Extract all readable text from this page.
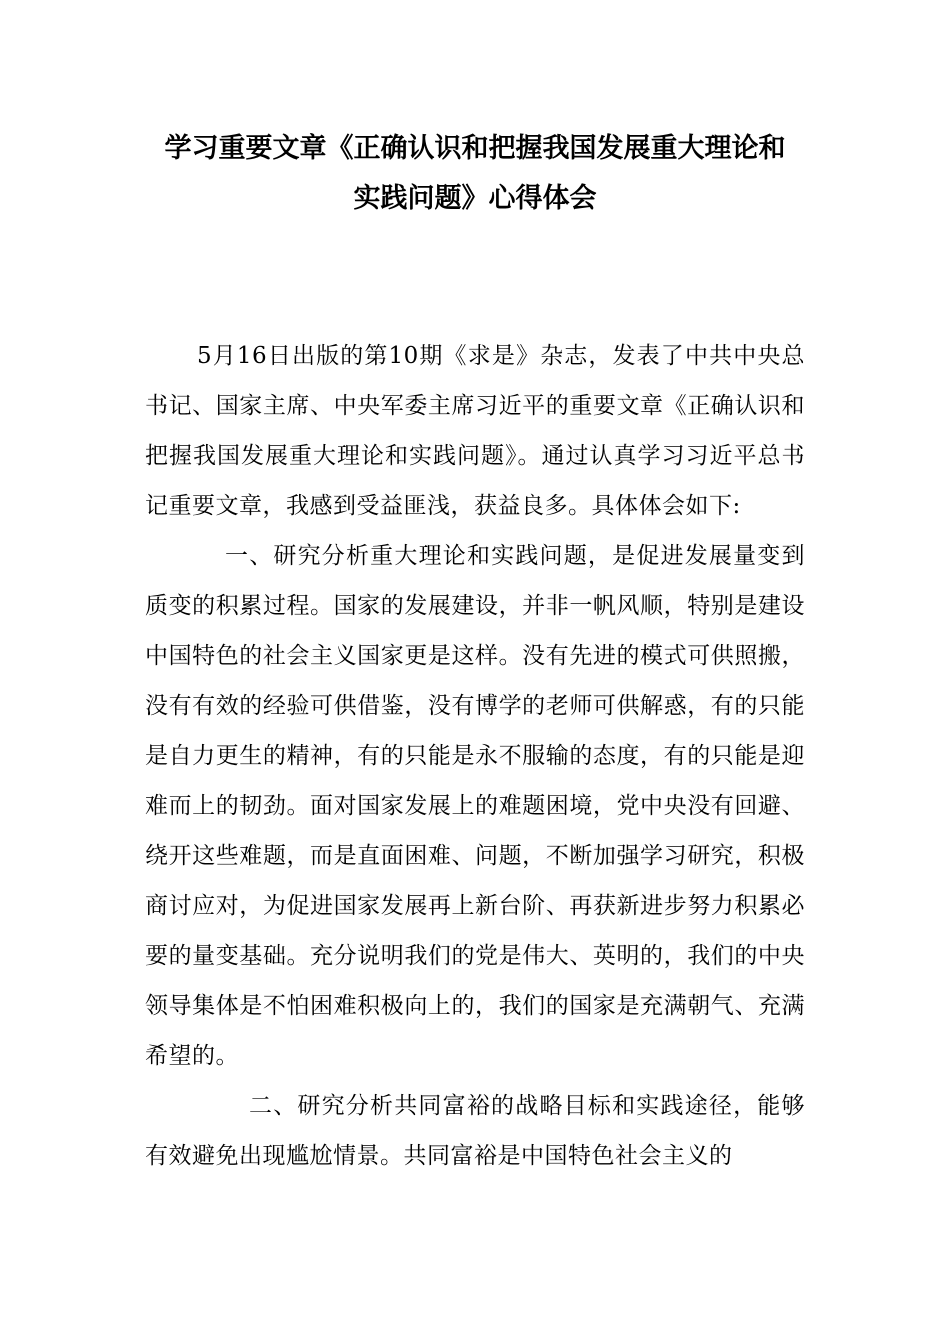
学习重要文章《正确认识和把握我国发展重大理论和
实践问题》心得体会

5月16日出版的第10期《求是》杂志，发表了中共中央总书记、国家主席、中央军委主席习近平的重要文章《正确认识和把握我国发展重大理论和实践问题》。通过认真学习习近平总书记重要文章，我感到受益匪浅，获益良多。具体体会如下:

一、研究分析重大理论和实践问题，是促进发展量变到质变的积累过程。国家的发展建设，并非一帆风顺，特别是建设中国特色的社会主义国家更是这样。没有先进的模式可供照搬，没有有效的经验可供借鉴，没有博学的老师可供解惑，有的只能是自力更生的精神，有的只能是永不服输的态度，有的只能是迎难而上的韧劲。面对国家发展上的难题困境，党中央没有回避、绕开这些难题，而是直面困难、问题，不断加强学习研究，积极商讨应对，为促进国家发展再上新台阶、再获新进步努力积累必要的量变基础。充分说明我们的党是伟大、英明的，我们的中央领导集体是不怕困难积极向上的，我们的国家是充满朝气、充满希望的。

二、研究分析共同富裕的战略目标和实践途径，能够有效避免出现尴尬情景。共同富裕是中国特色社会主义的
